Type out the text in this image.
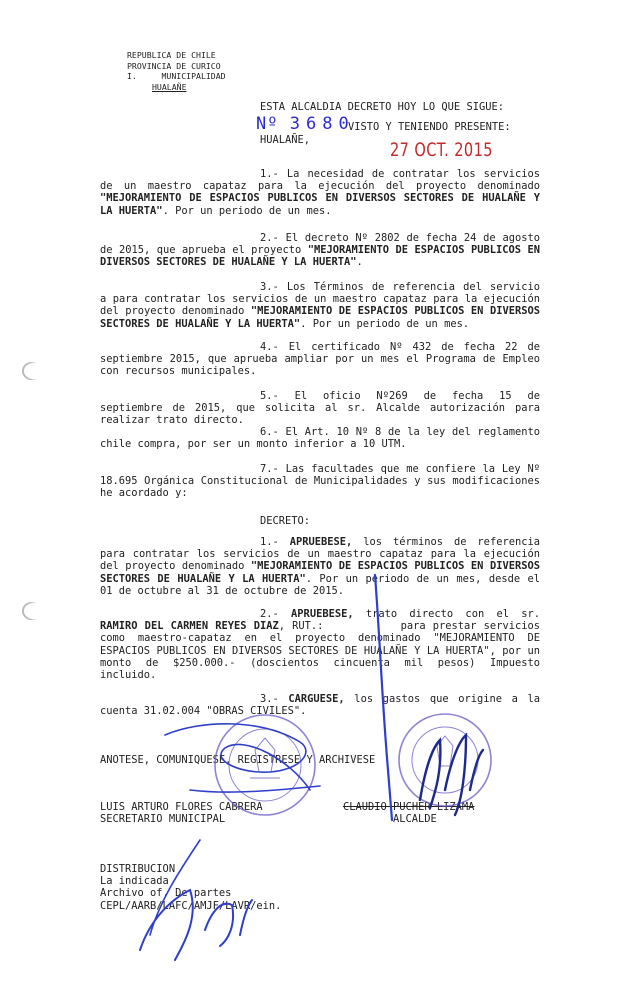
REPUBLICA DE CHILE
PROVINCIA DE CURICO
I.     MUNICIPALIDAD
HUALAÑE
ESTA ALCALDIA DECRETO HOY LO QUE SIGUE:
Nº 3680
VISTO Y TENIENDO PRESENTE:
HUALAÑE,	27 OCT. 2015
1.- La necesidad de contratar los servicios de un maestro capataz para la ejecución del proyecto denominado "MEJORAMIENTO DE ESPACIOS PUBLICOS EN DIVERSOS SECTORES DE HUALAÑE Y LA HUERTA". Por un periodo de un mes.
2.- El decreto Nº 2802 de fecha 24 de agosto de 2015, que aprueba el proyecto "MEJORAMIENTO DE ESPACIOS PUBLICOS EN DIVERSOS SECTORES DE HUALAÑE Y LA HUERTA".
3.- Los Términos de referencia del servicio a para contratar los servicios de un maestro capataz para la ejecución del proyecto denominado "MEJORAMIENTO DE ESPACIOS PUBLICOS EN DIVERSOS SECTORES DE HUALAÑE Y LA HUERTA". Por un periodo de un mes.
4.- El certificado Nº 432 de fecha 22 de septiembre 2015, que aprueba ampliar por un mes el Programa de Empleo con recursos municipales.
5.- El oficio Nº269 de fecha 15 de septiembre de 2015, que solicita al sr. Alcalde autorización para realizar trato directo.
6.- El Art. 10 Nº 8 de la ley del reglamento chile compra, por ser un monto inferior a 10 UTM.
7.- Las facultades que me confiere la Ley Nº 18.695 Orgánica Constitucional de Municipalidades y sus modificaciones he acordado y:
DECRETO:
1.- APRUEBESE, los términos de referencia para contratar los servicios de un maestro capataz para la ejecución del proyecto denominado "MEJORAMIENTO DE ESPACIOS PUBLICOS EN DIVERSOS SECTORES DE HUALAÑE Y LA HUERTA". Por un periodo de un mes, desde el 01 de octubre al 31 de octubre de 2015.
2.- APRUEBESE, trato directo con el sr. RAMIRO DEL CARMEN REYES DIAZ, RUT.:	para prestar servicios como maestro-capataz en el proyecto denominado "MEJORAMIENTO DE ESPACIOS PUBLICOS EN DIVERSOS SECTORES DE HUALAÑE Y LA HUERTA", por un monto de $250.000.- (doscientos cincuenta mil pesos) Impuesto incluido.
3.- CARGUESE, los gastos que origine a la cuenta 31.02.004 "OBRAS CIVILES".
ANOTESE, COMUNIQUESE, REGISTRESE Y ARCHIVESE
LUIS ARTURO FLORES CABRERA
SECRETARIO MUNICIPAL
CLAUDIO PUCHER LIZAMA
ALCALDE
DISTRIBUCION
La indicada
Archivo of. De partes
CEPL/AARB/LAFC/AMJF/LAVR/ein.
